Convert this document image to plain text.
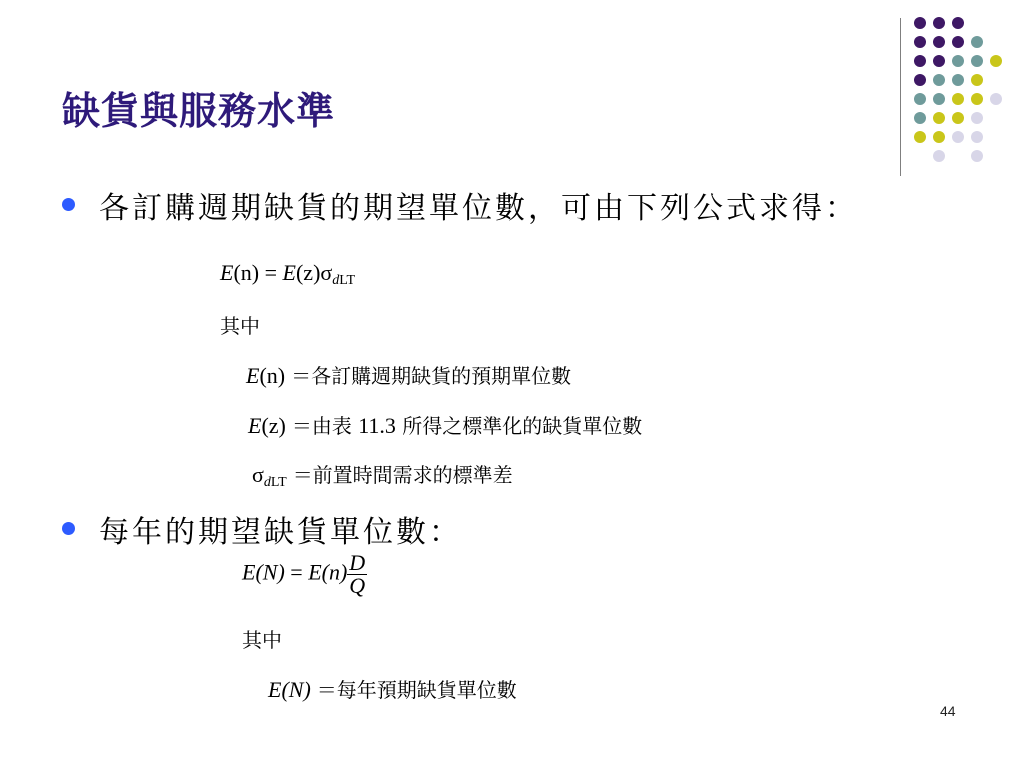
缺貨與服務水準
各訂購週期缺貨的期望單位數，可由下列公式求得：
$E(n) = E(z)\sigma_{dLT}$
其中
E(n) ＝各訂購週期缺貨的預期單位數
E(z) ＝由表 11.3 所得之標準化的缺貨單位數
$\sigma_{dLT}$ ＝前置時間需求的標準差
每年的期望缺貨單位數：
$E(N) = E(n) \frac{D}{Q}$
其中
E(N) ＝每年預期缺貨單位數
44
